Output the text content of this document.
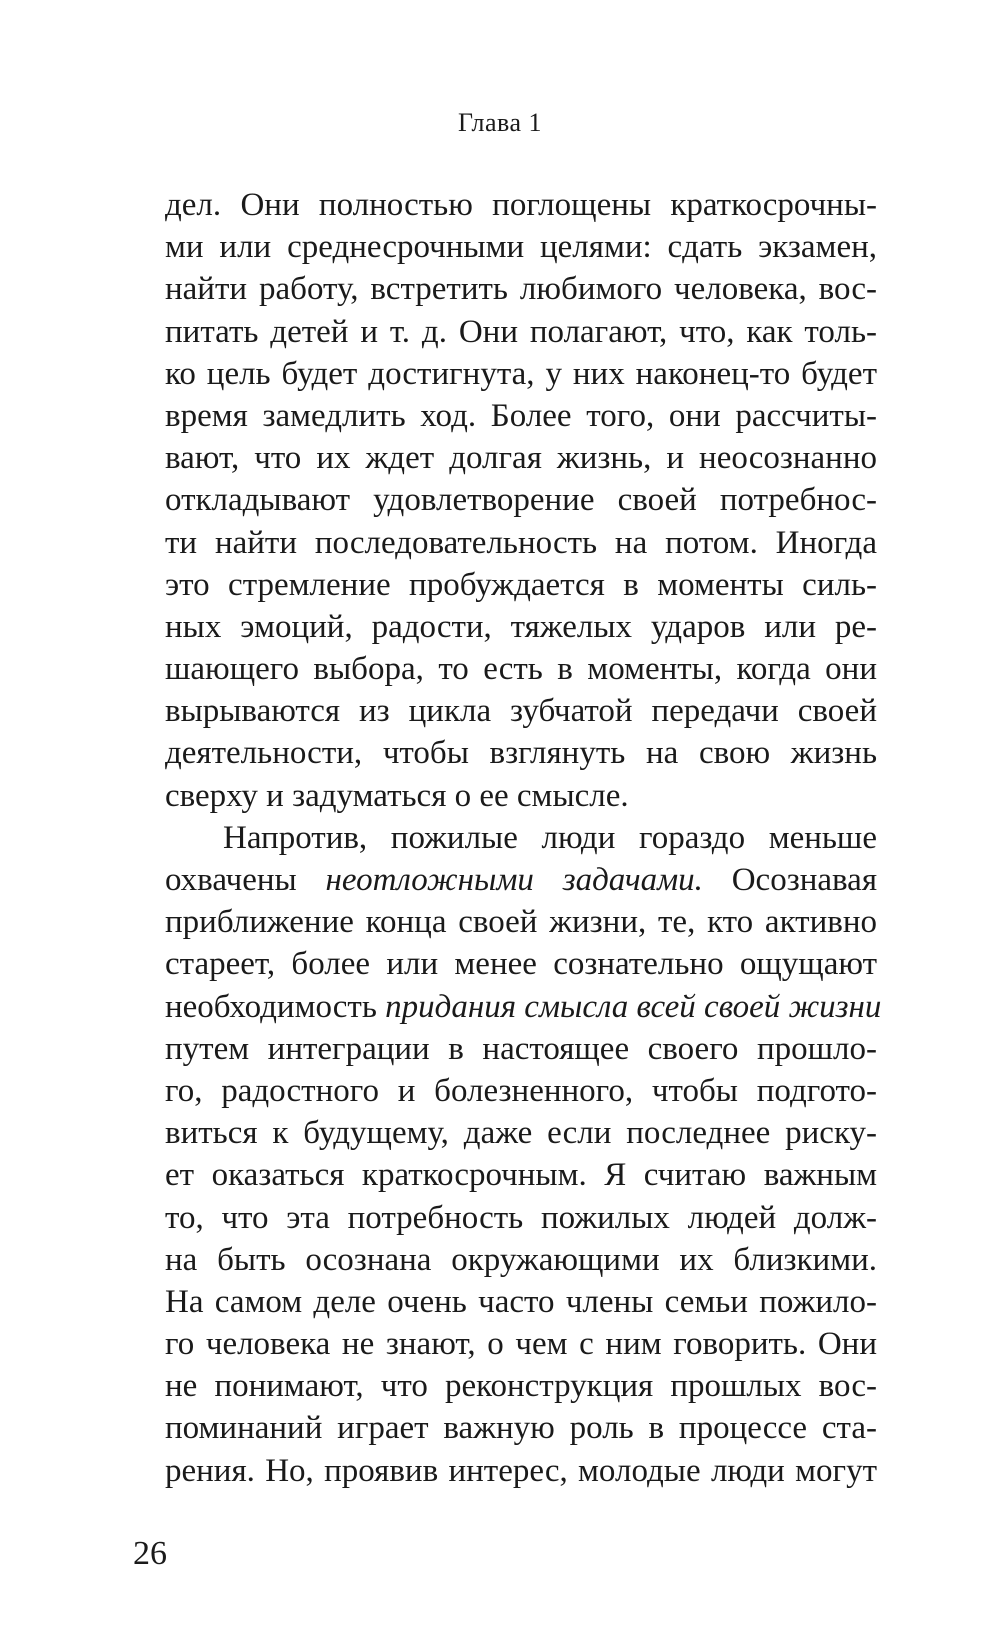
Глава 1
дел. Они полностью поглощены краткосрочны-
ми или среднесрочными целями: сдать экзамен,
найти работу, встретить любимого человека, вос-
питать детей и т. д. Они полагают, что, как толь-
ко цель будет достигнута, у них наконец-то будет
время замедлить ход. Более того, они рассчиты-
вают, что их ждет долгая жизнь, и неосознанно
откладывают удовлетворение своей потребнос-
ти найти последовательность на потом. Иногда
это стремление пробуждается в моменты силь-
ных эмоций, радости, тяжелых ударов или ре-
шающего выбора, то есть в моменты, когда они
вырываются из цикла зубчатой передачи своей
деятельности, чтобы взглянуть на свою жизнь
сверху и задуматься о ее смысле.
Напротив, пожилые люди гораздо меньше
охвачены неотложными задачами. Осознавая
приближение конца своей жизни, те, кто активно
стареет, более или менее сознательно ощущают
необходимость придания смысла всей своей жизни
путем интеграции в настоящее своего прошло-
го, радостного и болезненного, чтобы подгото-
виться к будущему, даже если последнее риску-
ет оказаться краткосрочным. Я считаю важным
то, что эта потребность пожилых людей долж-
на быть осознана окружающими их близкими.
На самом деле очень часто члены семьи пожило-
го человека не знают, о чем с ним говорить. Они
не понимают, что реконструкция прошлых вос-
поминаний играет важную роль в процессе ста-
рения. Но, проявив интерес, молодые люди могут
26
